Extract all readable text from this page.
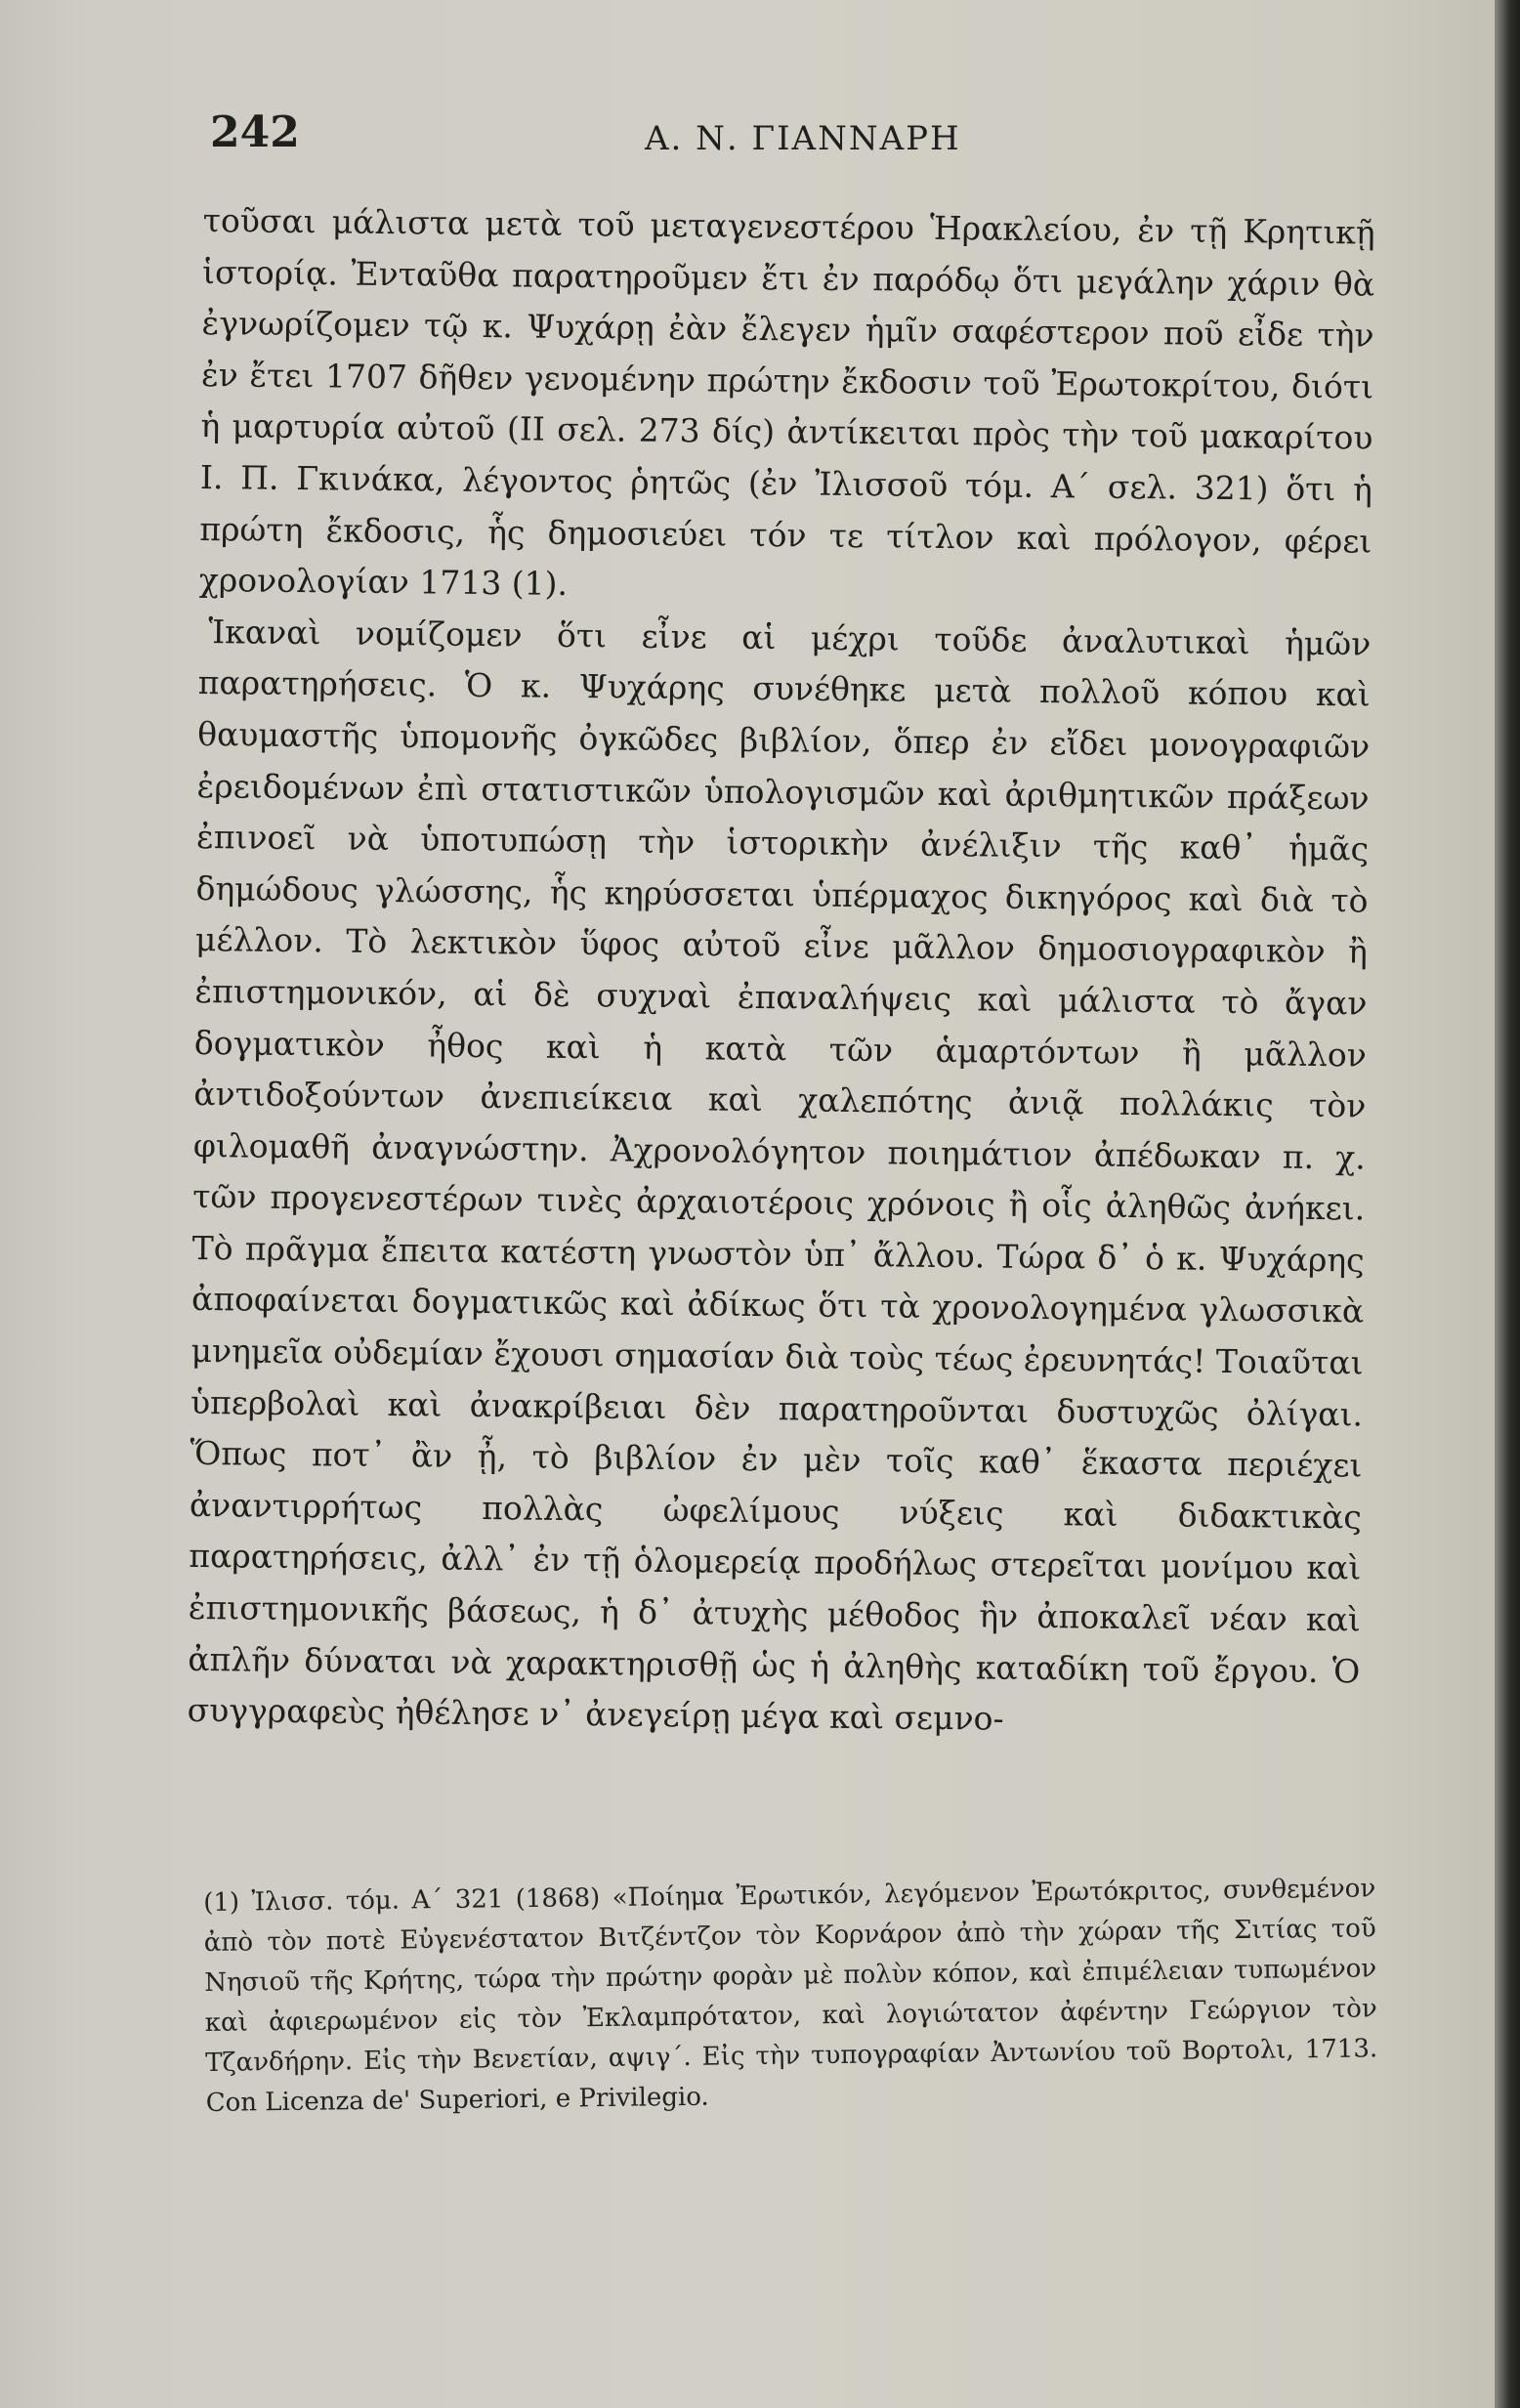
242	Α. Ν. ΓΙΑΝΝΑΡΗ

τοῦσαι μάλιστα μετὰ τοῦ μεταγενεστέρου Ἡρακλείου, ἐν τῇ Κρητικῇ ἱστορίᾳ. Ἐνταῦθα παρατηροῦμεν ἔτι ἐν παρόδῳ ὅτι μεγάλην χάριν θὰ ἐγνωρίζομεν τῷ κ. Ψυχάρῃ ἐὰν ἔλεγεν ἡμῖν σαφέστερον ποῦ εἶδε τὴν ἐν ἔτει 1707 δῆθεν γενομένην πρώτην ἔκδοσιν τοῦ Ἐρωτοκρίτου, διότι ἡ μαρτυρία αὐτοῦ (ΙΙ σελ. 273 δίς) ἀντίκειται πρὸς τὴν τοῦ μακαρίτου Ι. Π. Γκινάκα, λέγοντος ῥητῶς (ἐν Ἰλισσοῦ τόμ. Α΄ σελ. 321) ὅτι ἡ πρώτη ἔκδοσις, ἧς δημοσιεύει τόν τε τίτλον καὶ πρόλογον, φέρει χρονολογίαν 1713 (1).

Ἱκαναὶ νομίζομεν ὅτι εἶνε αἱ μέχρι τοῦδε ἀναλυτικαὶ ἡμῶν παρατηρήσεις. Ὁ κ. Ψυχάρης συνέθηκε μετὰ πολλοῦ κόπου καὶ θαυμαστῆς ὑπομονῆς ὀγκῶδες βιβλίον, ὅπερ ἐν εἴδει μονογραφιῶν ἐρειδομένων ἐπὶ στατιστικῶν ὑπολογισμῶν καὶ ἀριθμητικῶν πράξεων ἐπινοεῖ νὰ ὑποτυπώσῃ τὴν ἱστορικὴν ἀνέλιξιν τῆς καθ᾽ ἡμᾶς δημώδους γλώσσης, ἧς κηρύσσεται ὑπέρμαχος δικηγόρος καὶ διὰ τὸ μέλλον. Τὸ λεκτικὸν ὕφος αὐτοῦ εἶνε μᾶλλον δημοσιογραφικὸν ἢ ἐπιστημονικόν, αἱ δὲ συχναὶ ἐπαναλήψεις καὶ μάλιστα τὸ ἄγαν δογματικὸν ἦθος καὶ ἡ κατὰ τῶν ἁμαρτόντων ἢ μᾶλλον ἀντιδοξούντων ἀνεπιείκεια καὶ χαλεπότης ἀνιᾷ πολλάκις τὸν φιλομαθῆ ἀναγνώστην. Ἀχρονολόγητον ποιημάτιον ἀπέδωκαν π. χ. τῶν προγενεστέρων τινὲς ἀρχαιοτέροις χρόνοις ἢ οἷς ἀληθῶς ἀνήκει. Τὸ πρᾶγμα ἔπειτα κατέστη γνωστὸν ὑπ᾽ ἄλλου. Τώρα δ᾽ ὁ κ. Ψυχάρης ἀποφαίνεται δογματικῶς καὶ ἀδίκως ὅτι τὰ χρονολογημένα γλωσσικὰ μνημεῖα οὐδεμίαν ἔχουσι σημασίαν διὰ τοὺς τέως ἐρευνητάς! Τοιαῦται ὑπερβολαὶ καὶ ἀνακρίβειαι δὲν παρατηροῦνται δυστυχῶς ὀλίγαι. Ὅπως ποτ᾽ ἂν ᾖ, τὸ βιβλίον ἐν μὲν τοῖς καθ᾽ ἕκαστα περιέχει ἀναντιρρήτως πολλὰς ὠφελίμους νύξεις καὶ διδακτικὰς παρατηρήσεις, ἀλλ᾽ ἐν τῇ ὁλομερείᾳ προδήλως στερεῖται μονίμου καὶ ἐπιστημονικῆς βάσεως, ἡ δ᾽ ἀτυχὴς μέθοδος ἣν ἀποκαλεῖ νέαν καὶ ἀπλῆν δύναται νὰ χαρακτηρισθῇ ὡς ἡ ἀληθὴς καταδίκη τοῦ ἔργου. Ὁ συγγραφεὺς ἠθέλησε ν᾽ ἀνεγείρῃ μέγα καὶ σεμνο-

(1) Ἰλισσ. τόμ. Α΄ 321 (1868) «Ποίημα Ἐρωτικόν, λεγόμενον Ἐρωτόκριτος, συνθεμένον ἀπὸ τὸν ποτὲ Εὐγενέστατον Βιτζέντζον τὸν Κορνάρον ἀπὸ τὴν χώραν τῆς Σιτίας τοῦ Νησιοῦ τῆς Κρήτης, τώρα τὴν πρώτην φορὰν μὲ πολὺν κόπον, καὶ ἐπιμέλειαν τυπωμένον καὶ ἀφιερωμένον εἰς τὸν Ἐκλαμπρότατον, καὶ λογιώτατον ἀφέντην Γεώργιον τὸν Τζανδήρην. Εἰς τὴν Βενετίαν, αψιγ΄. Εἰς τὴν τυπογραφίαν Ἀντωνίου τοῦ Βορτολι, 1713. Con Licenza de' Superiori, e Privilegio.
